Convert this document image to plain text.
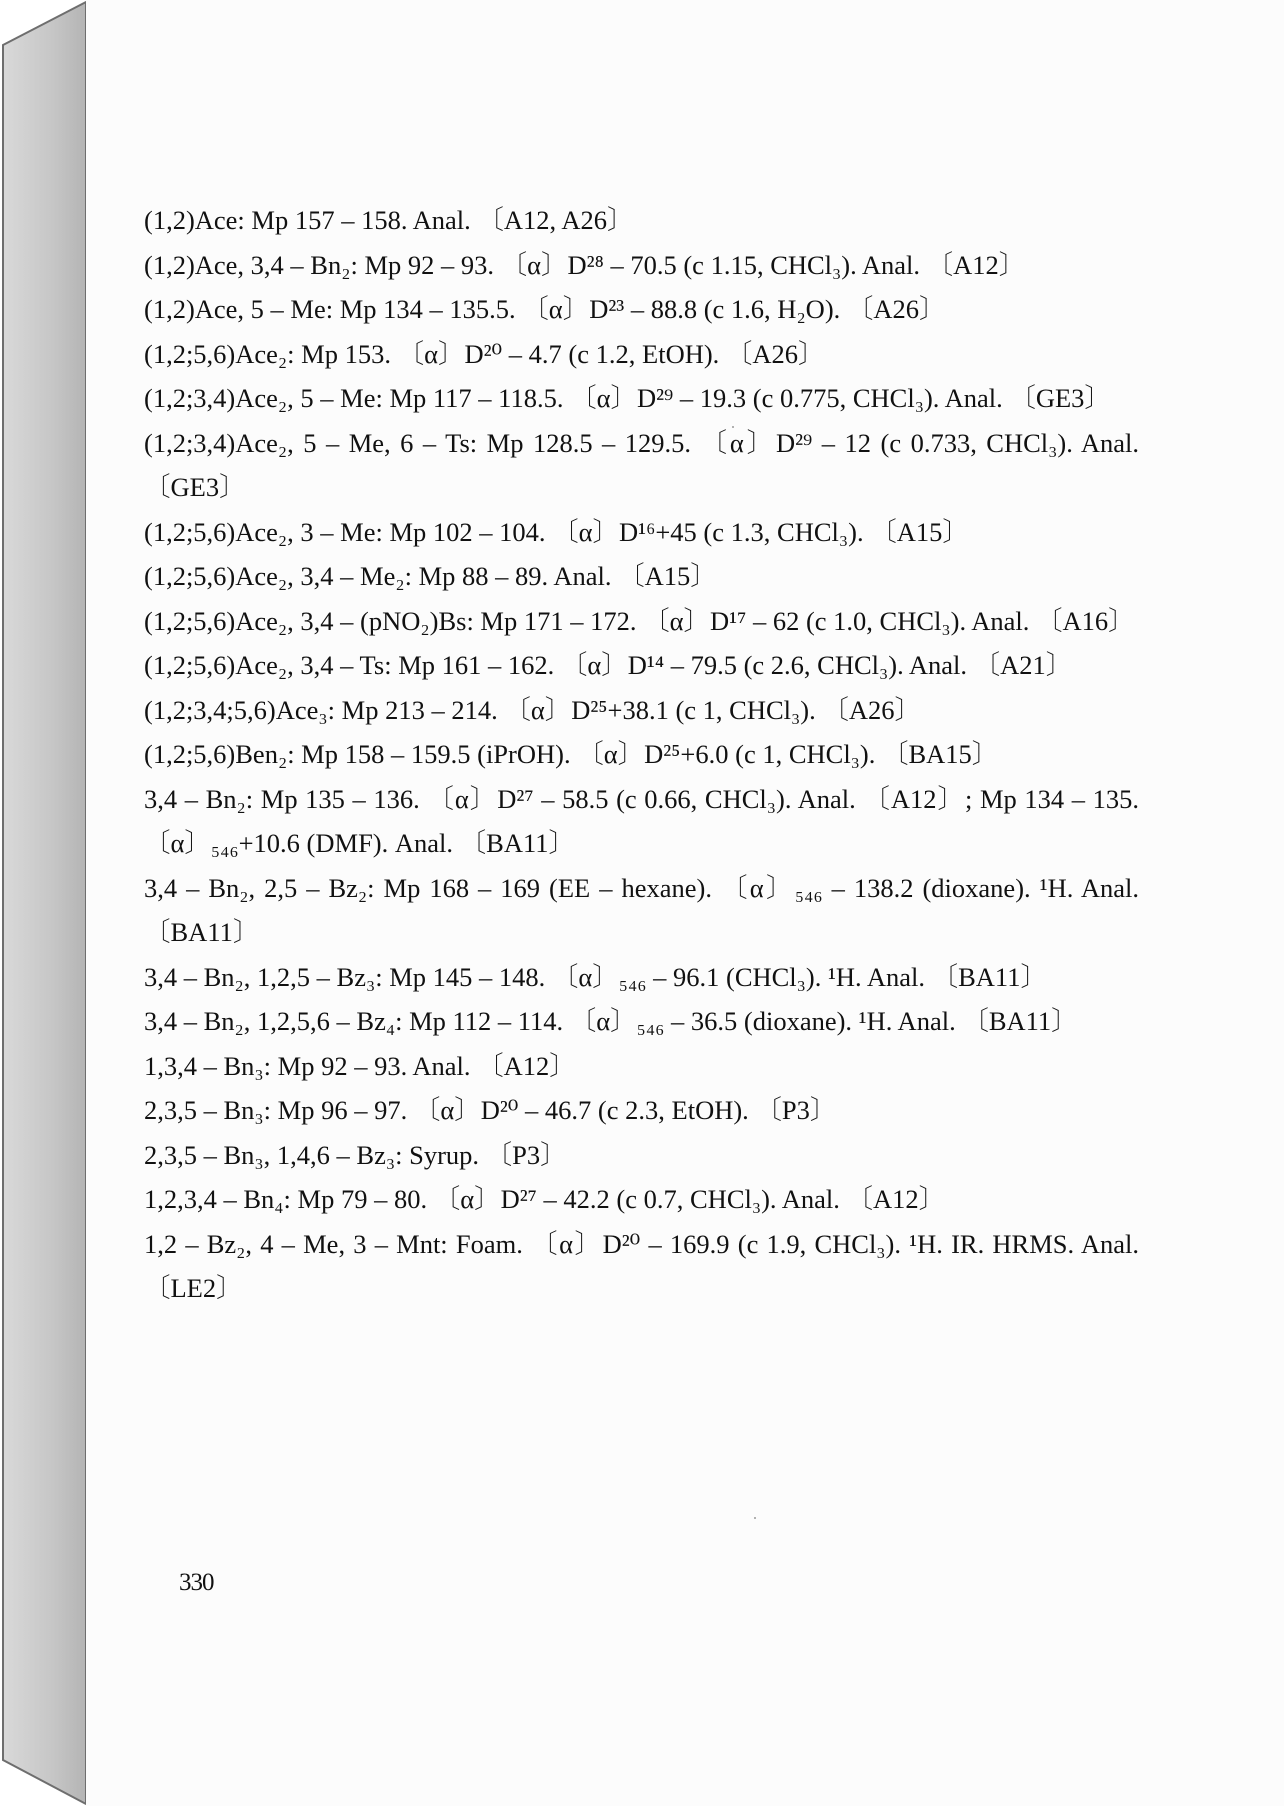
(1,2)Ace: Mp 157 – 158. Anal. 〔A12, A26〕
(1,2)Ace, 3,4 – Bn₂: Mp 92 – 93. 〔α〕D²⁸ – 70.5 (c 1.15, CHCl₃). Anal. 〔A12〕
(1,2)Ace, 5 – Me: Mp 134 – 135.5. 〔α〕D²³ – 88.8 (c 1.6, H₂O). 〔A26〕
(1,2;5,6)Ace₂: Mp 153. 〔α〕D²⁰ – 4.7 (c 1.2, EtOH). 〔A26〕
(1,2;3,4)Ace₂, 5 – Me: Mp 117 – 118.5. 〔α〕D²⁹ – 19.3 (c 0.775, CHCl₃). Anal. 〔GE3〕
(1,2;3,4)Ace₂, 5 – Me, 6 – Ts: Mp 128.5 – 129.5. 〔α〕D²⁹ – 12 (c 0.733, CHCl₃). Anal. 〔GE3〕
(1,2;5,6)Ace₂, 3 – Me: Mp 102 – 104. 〔α〕D¹⁶+45 (c 1.3, CHCl₃). 〔A15〕
(1,2;5,6)Ace₂, 3,4 – Me₂: Mp 88 – 89. Anal. 〔A15〕
(1,2;5,6)Ace₂, 3,4 – (pNO₂)Bs: Mp 171 – 172. 〔α〕D¹⁷ – 62 (c 1.0, CHCl₃). Anal. 〔A16〕
(1,2;5,6)Ace₂, 3,4 – Ts: Mp 161 – 162. 〔α〕D¹⁴ – 79.5 (c 2.6, CHCl₃). Anal. 〔A21〕
(1,2;3,4;5,6)Ace₃: Mp 213 – 214. 〔α〕D²⁵+38.1 (c 1, CHCl₃). 〔A26〕
(1,2;5,6)Ben₂: Mp 158 – 159.5 (iPrOH). 〔α〕D²⁵+6.0 (c 1, CHCl₃). 〔BA15〕
3,4 – Bn₂: Mp 135 – 136. 〔α〕D²⁷ – 58.5 (c 0.66, CHCl₃). Anal. 〔A12〕; Mp 134 – 135. 〔α〕₅₄₆+10.6 (DMF). Anal. 〔BA11〕
3,4 – Bn₂, 2,5 – Bz₂: Mp 168 – 169 (EE – hexane). 〔α〕₅₄₆ – 138.2 (dioxane). ¹H. Anal. 〔BA11〕
3,4 – Bn₂, 1,2,5 – Bz₃: Mp 145 – 148. 〔α〕₅₄₆ – 96.1 (CHCl₃). ¹H. Anal. 〔BA11〕
3,4 – Bn₂, 1,2,5,6 – Bz₄: Mp 112 – 114. 〔α〕₅₄₆ – 36.5 (dioxane). ¹H. Anal. 〔BA11〕
1,3,4 – Bn₃: Mp 92 – 93. Anal. 〔A12〕
2,3,5 – Bn₃: Mp 96 – 97. 〔α〕D²⁰ – 46.7 (c 2.3, EtOH). 〔P3〕
2,3,5 – Bn₃, 1,4,6 – Bz₃: Syrup. 〔P3〕
1,2,3,4 – Bn₄: Mp 79 – 80. 〔α〕D²⁷ – 42.2 (c 0.7, CHCl₃). Anal. 〔A12〕
1,2 – Bz₂, 4 – Me, 3 – Mnt: Foam. 〔α〕D²⁰ – 169.9 (c 1.9, CHCl₃). ¹H. IR. HRMS. Anal. 〔LE2〕
330
